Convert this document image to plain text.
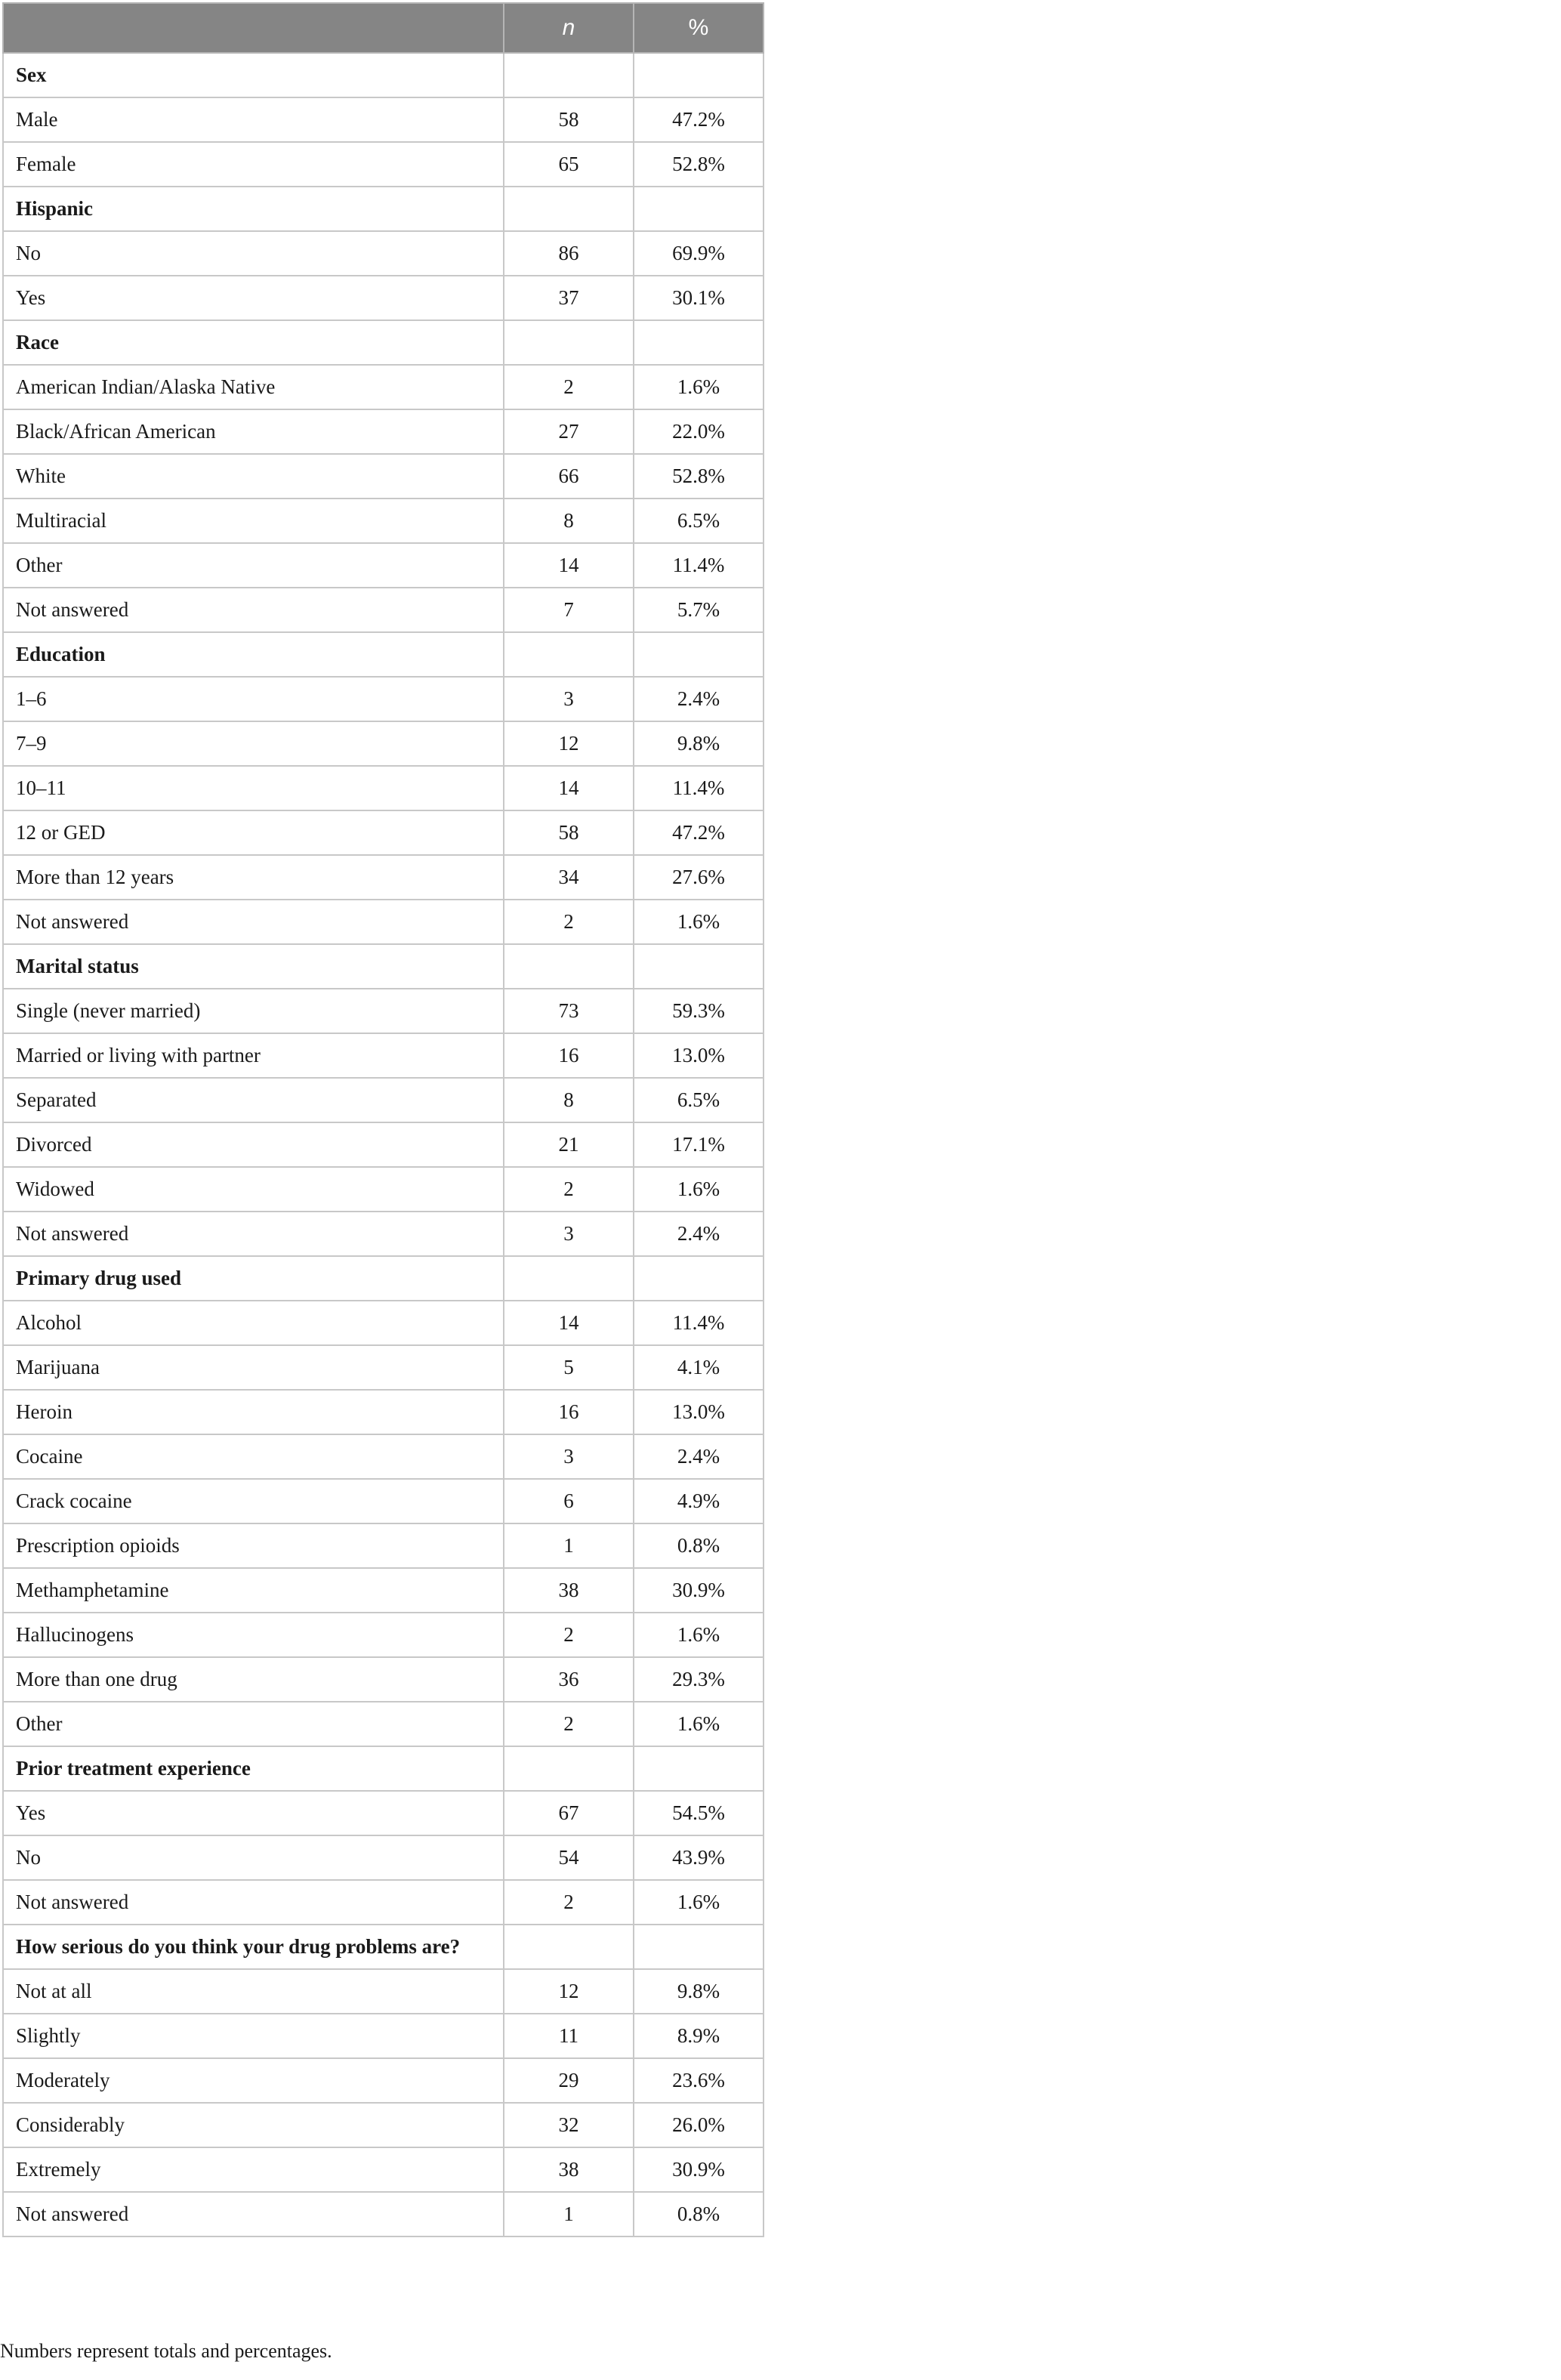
	n	%
Sex		
Male	58	47.2%
Female	65	52.8%
Hispanic		
No	86	69.9%
Yes	37	30.1%
Race		
American Indian/Alaska Native	2	1.6%
Black/African American	27	22.0%
White	66	52.8%
Multiracial	8	6.5%
Other	14	11.4%
Not answered	7	5.7%
Education		
1–6	3	2.4%
7–9	12	9.8%
10–11	14	11.4%
12 or GED	58	47.2%
More than 12 years	34	27.6%
Not answered	2	1.6%
Marital status		
Single (never married)	73	59.3%
Married or living with partner	16	13.0%
Separated	8	6.5%
Divorced	21	17.1%
Widowed	2	1.6%
Not answered	3	2.4%
Primary drug used		
Alcohol	14	11.4%
Marijuana	5	4.1%
Heroin	16	13.0%
Cocaine	3	2.4%
Crack cocaine	6	4.9%
Prescription opioids	1	0.8%
Methamphetamine	38	30.9%
Hallucinogens	2	1.6%
More than one drug	36	29.3%
Other	2	1.6%
Prior treatment experience		
Yes	67	54.5%
No	54	43.9%
Not answered	2	1.6%
How serious do you think your drug problems are?		
Not at all	12	9.8%
Slightly	11	8.9%
Moderately	29	23.6%
Considerably	32	26.0%
Extremely	38	30.9%
Not answered	1	0.8%
Numbers represent totals and percentages.
